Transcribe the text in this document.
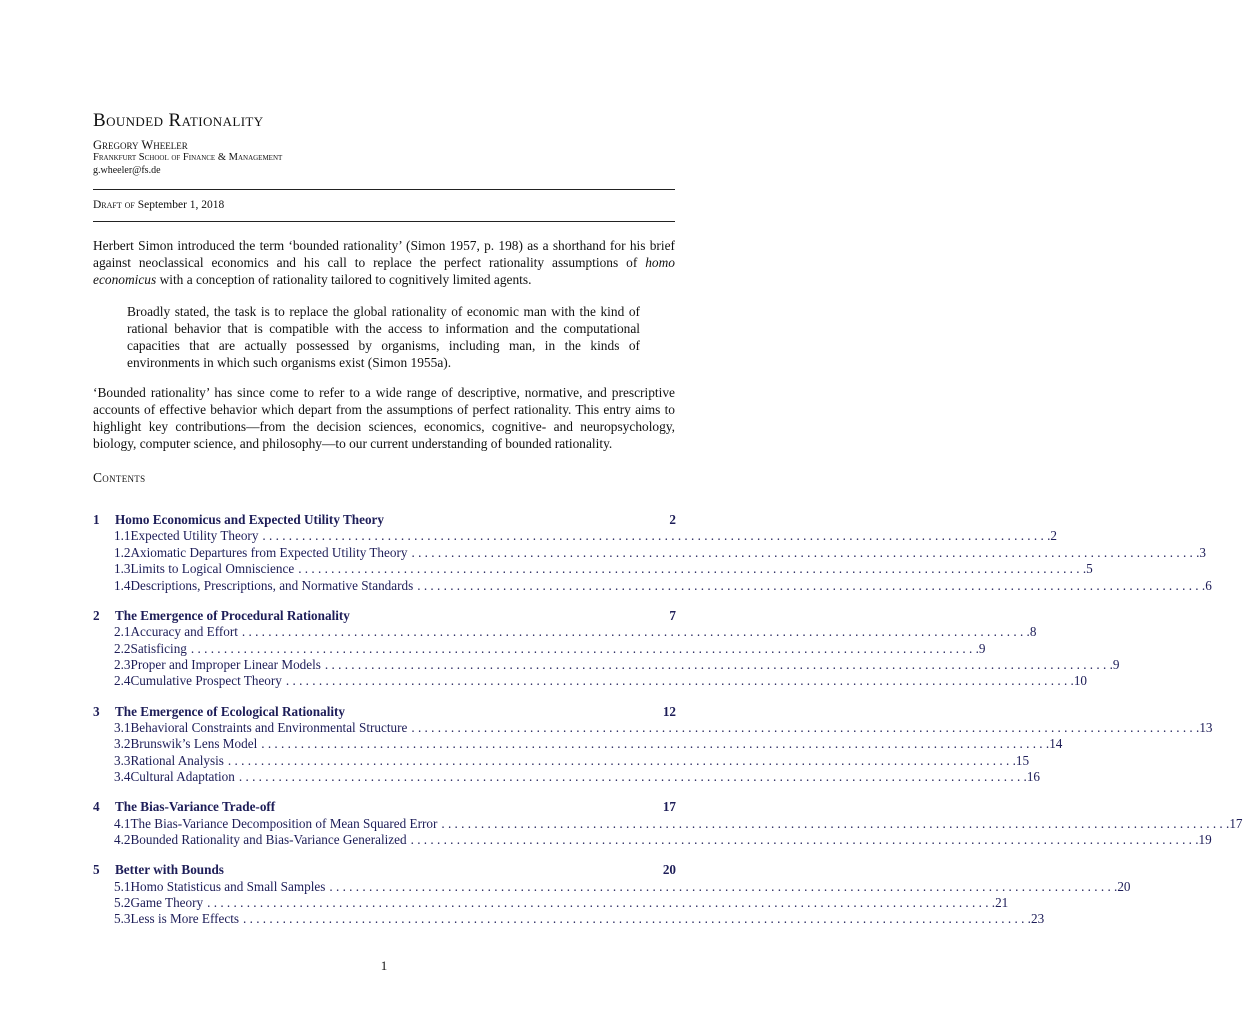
Bounded Rationality
Gregory Wheeler
Frankfurt School of Finance & Management
g.wheeler@fs.de
Draft of September 1, 2018
Herbert Simon introduced the term ‘bounded rationality’ (Simon 1957, p. 198) as a shorthand for his brief against neoclassical economics and his call to replace the perfect rationality assumptions of homo economicus with a conception of rationality tailored to cognitively limited agents.
Broadly stated, the task is to replace the global rationality of economic man with the kind of rational behavior that is compatible with the access to information and the computational capacities that are actually possessed by organisms, including man, in the kinds of environments in which such organisms exist (Simon 1955a).
‘Bounded rationality’ has since come to refer to a wide range of descriptive, normative, and prescriptive accounts of effective behavior which depart from the assumptions of perfect rationality. This entry aims to highlight key contributions—from the decision sciences, economics, cognitive- and neuropsychology, biology, computer science, and philosophy—to our current understanding of bounded rationality.
Contents
1	Homo Economicus and Expected Utility Theory	2
1.1 Expected Utility Theory . . . . . . . . . . . . . . . . . . . . . . . . . . . . . . . . . . . . . . . . . . . . . . . . . . . . . . . . . . . . . . . . . . . . . . . . . . . . . . . . . . . . . . . . . . . . . . . . . . . . . . . . . . . . . . . . . . . . . . . . 2
1.2 Axiomatic Departures from Expected Utility Theory . . . . . . . . . . . . . . . . . . . . . . . . . . . . . . . . . . . . . . . . . . . . . . . . . . . . . . . . . . . . . . . . . . . . . . . . . . . . . . . . . . . . . . . . . . . . . . . . . . . . . . . . . . . . . . . . . . . . . . . . 3
1.3 Limits to Logical Omniscience . . . . . . . . . . . . . . . . . . . . . . . . . . . . . . . . . . . . . . . . . . . . . . . . . . . . . . . . . . . . . . . . . . . . . . . . . . . . . . . . . . . . . . . . . . . . . . . . . . . . . . . . . . . . . . . . . . . . . . . . 5
1.4 Descriptions, Prescriptions, and Normative Standards . . . . . . . . . . . . . . . . . . . . . . . . . . . . . . . . . . . . . . . . . . . . . . . . . . . . . . . . . . . . . . . . . . . . . . . . . . . . . . . . . . . . . . . . . . . . . . . . . . . . . . . . . . . . . . . . . . . . . . . . 6
2	The Emergence of Procedural Rationality	7
2.1 Accuracy and Effort . . . . . . . . . . . . . . . . . . . . . . . . . . . . . . . . . . . . . . . . . . . . . . . . . . . . . . . . . . . . . . . . . . . . . . . . . . . . . . . . . . . . . . . . . . . . . . . . . . . . . . . . . . . . . . . . . . . . . . . . 8
2.2 Satisficing . . . . . . . . . . . . . . . . . . . . . . . . . . . . . . . . . . . . . . . . . . . . . . . . . . . . . . . . . . . . . . . . . . . . . . . . . . . . . . . . . . . . . . . . . . . . . . . . . . . . . . . . . . . . . . . . . . . . . . . . 9
2.3 Proper and Improper Linear Models . . . . . . . . . . . . . . . . . . . . . . . . . . . . . . . . . . . . . . . . . . . . . . . . . . . . . . . . . . . . . . . . . . . . . . . . . . . . . . . . . . . . . . . . . . . . . . . . . . . . . . . . . . . . . . . . . . . . . . . . 9
2.4 Cumulative Prospect Theory . . . . . . . . . . . . . . . . . . . . . . . . . . . . . . . . . . . . . . . . . . . . . . . . . . . . . . . . . . . . . . . . . . . . . . . . . . . . . . . . . . . . . . . . . . . . . . . . . . . . . . . . . . . . . . . . . . . . . . . . 10
3	The Emergence of Ecological Rationality	12
3.1 Behavioral Constraints and Environmental Structure . . . . . . . . . . . . . . . . . . . . . . . . . . . . . . . . . . . . . . . . . . . . . . . . . . . . . . . . . . . . . . . . . . . . . . . . . . . . . . . . . . . . . . . . . . . . . . . . . . . . . . . . . . . . . . . . . . . . . . . . 13
3.2 Brunswik’s Lens Model . . . . . . . . . . . . . . . . . . . . . . . . . . . . . . . . . . . . . . . . . . . . . . . . . . . . . . . . . . . . . . . . . . . . . . . . . . . . . . . . . . . . . . . . . . . . . . . . . . . . . . . . . . . . . . . . . . . . . . . . 14
3.3 Rational Analysis . . . . . . . . . . . . . . . . . . . . . . . . . . . . . . . . . . . . . . . . . . . . . . . . . . . . . . . . . . . . . . . . . . . . . . . . . . . . . . . . . . . . . . . . . . . . . . . . . . . . . . . . . . . . . . . . . . . . . . . . 15
3.4 Cultural Adaptation . . . . . . . . . . . . . . . . . . . . . . . . . . . . . . . . . . . . . . . . . . . . . . . . . . . . . . . . . . . . . . . . . . . . . . . . . . . . . . . . . . . . . . . . . . . . . . . . . . . . . . . . . . . . . . . . . . . . . . . . 16
4	The Bias-Variance Trade-off	17
4.1 The Bias-Variance Decomposition of Mean Squared Error . . . . . . . . . . . . . . . . . . . . . . . . . . . . . . . . . . . . . . . . . . . . . . . . . . . . . . . . . . . . . . . . . . . . . . . . . . . . . . . . . . . . . . . . . . . . . . . . . . . . . . . . . . . . . . . . . . . . . . . . 17
4.2 Bounded Rationality and Bias-Variance Generalized . . . . . . . . . . . . . . . . . . . . . . . . . . . . . . . . . . . . . . . . . . . . . . . . . . . . . . . . . . . . . . . . . . . . . . . . . . . . . . . . . . . . . . . . . . . . . . . . . . . . . . . . . . . . . . . . . . . . . . . . 19
5	Better with Bounds	20
5.1 Homo Statisticus and Small Samples . . . . . . . . . . . . . . . . . . . . . . . . . . . . . . . . . . . . . . . . . . . . . . . . . . . . . . . . . . . . . . . . . . . . . . . . . . . . . . . . . . . . . . . . . . . . . . . . . . . . . . . . . . . . . . . . . . . . . . . . 20
5.2 Game Theory . . . . . . . . . . . . . . . . . . . . . . . . . . . . . . . . . . . . . . . . . . . . . . . . . . . . . . . . . . . . . . . . . . . . . . . . . . . . . . . . . . . . . . . . . . . . . . . . . . . . . . . . . . . . . . . . . . . . . . . . 21
5.3 Less is More Effects . . . . . . . . . . . . . . . . . . . . . . . . . . . . . . . . . . . . . . . . . . . . . . . . . . . . . . . . . . . . . . . . . . . . . . . . . . . . . . . . . . . . . . . . . . . . . . . . . . . . . . . . . . . . . . . . . . . . . . . . 23
1
